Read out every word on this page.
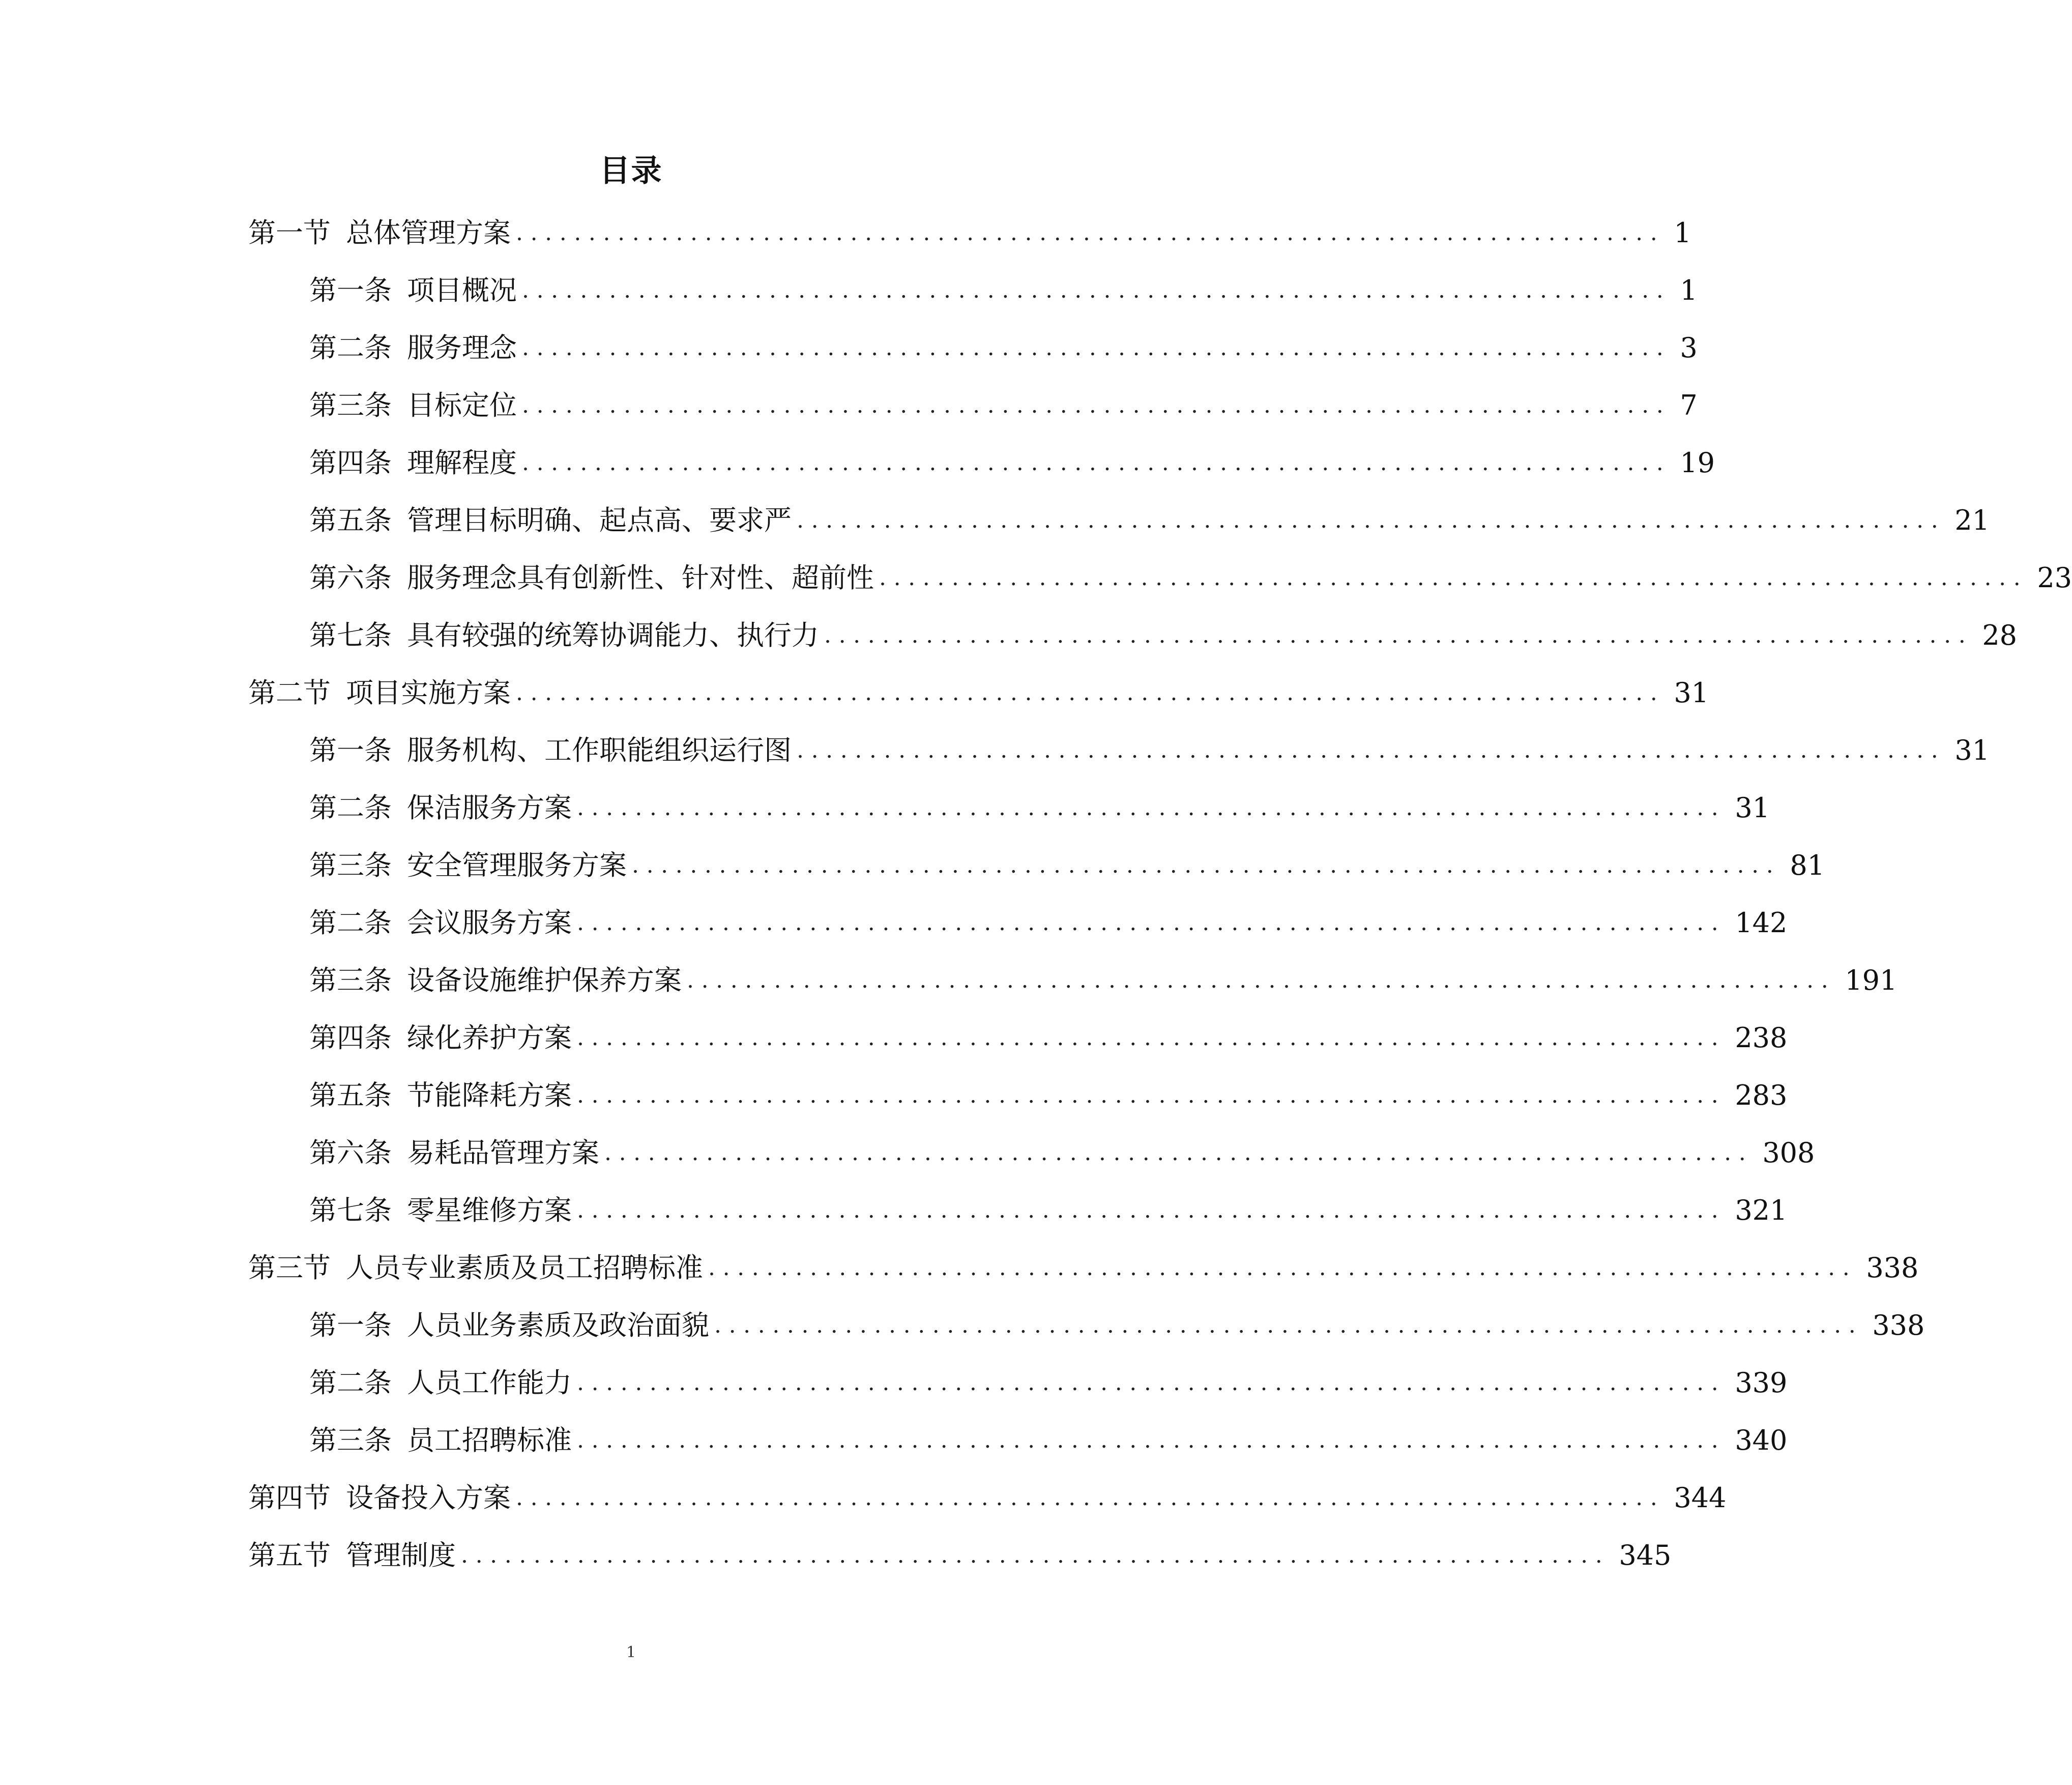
目录
第一节 总体管理方案 ............................................................................... 1
第一条 项目概况 ............................................................................... 1
第二条 服务理念 ............................................................................... 3
第三条 目标定位 ............................................................................... 7
第四条 理解程度 ............................................................................... 19
第五条 管理目标明确、起点高、要求严 ............................................................................... 21
第六条 服务理念具有创新性、针对性、超前性 ............................................................................... 23
第七条 具有较强的统筹协调能力、执行力 ............................................................................... 28
第二节 项目实施方案 ............................................................................... 31
第一条 服务机构、工作职能组织运行图 ............................................................................... 31
第二条 保洁服务方案 ............................................................................... 31
第三条 安全管理服务方案 ............................................................................... 81
第二条 会议服务方案 ............................................................................... 142
第三条 设备设施维护保养方案 ............................................................................... 191
第四条 绿化养护方案 ............................................................................... 238
第五条 节能降耗方案 ............................................................................... 283
第六条 易耗品管理方案 ............................................................................... 308
第七条 零星维修方案 ............................................................................... 321
第三节 人员专业素质及员工招聘标准 ............................................................................... 338
第一条 人员业务素质及政治面貌 ............................................................................... 338
第二条 人员工作能力 ............................................................................... 339
第三条 员工招聘标准 ............................................................................... 340
第四节 设备投入方案 ............................................................................... 344
第五节 管理制度 ............................................................................... 345
1
